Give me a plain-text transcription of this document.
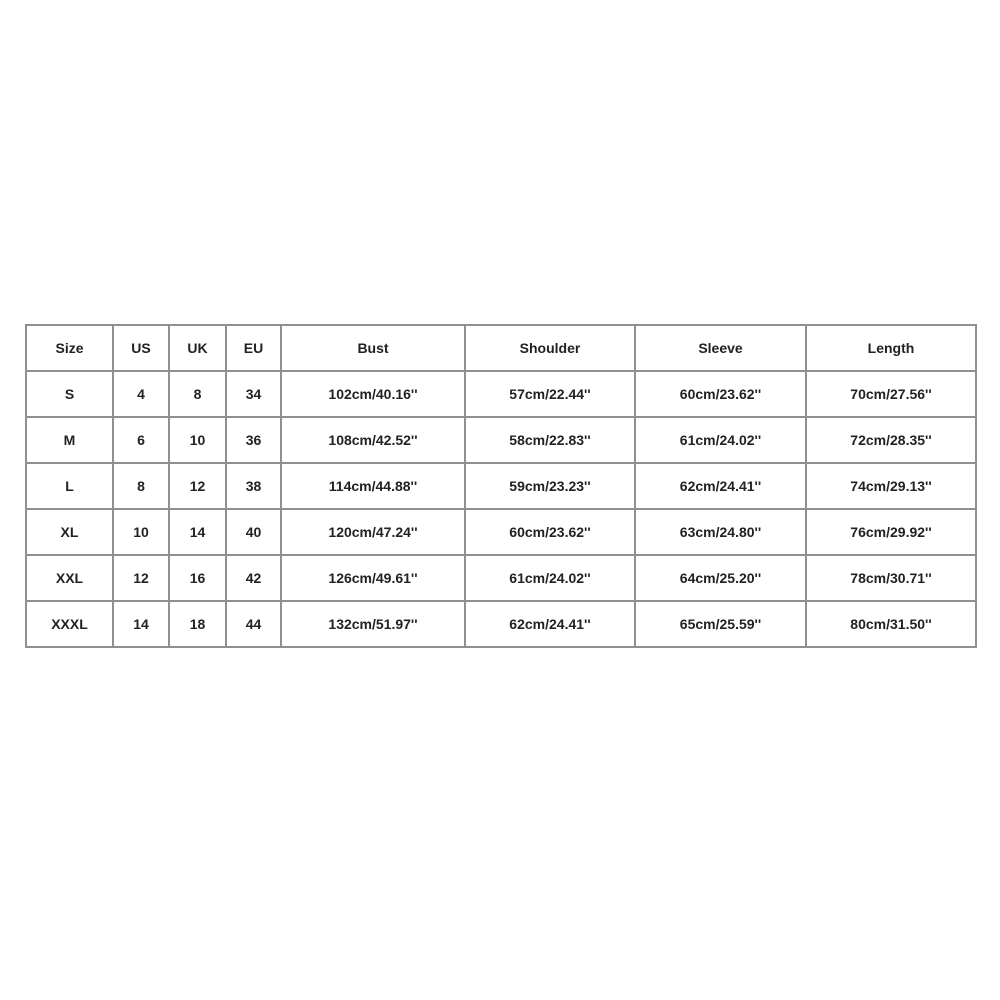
Size	US	UK	EU	Bust	Shoulder	Sleeve	Length
S	4	8	34	102cm/40.16''	57cm/22.44''	60cm/23.62''	70cm/27.56''
M	6	10	36	108cm/42.52''	58cm/22.83''	61cm/24.02''	72cm/28.35''
L	8	12	38	114cm/44.88''	59cm/23.23''	62cm/24.41''	74cm/29.13''
XL	10	14	40	120cm/47.24''	60cm/23.62''	63cm/24.80''	76cm/29.92''
XXL	12	16	42	126cm/49.61''	61cm/24.02''	64cm/25.20''	78cm/30.71''
XXXL	14	18	44	132cm/51.97''	62cm/24.41''	65cm/25.59''	80cm/31.50''
